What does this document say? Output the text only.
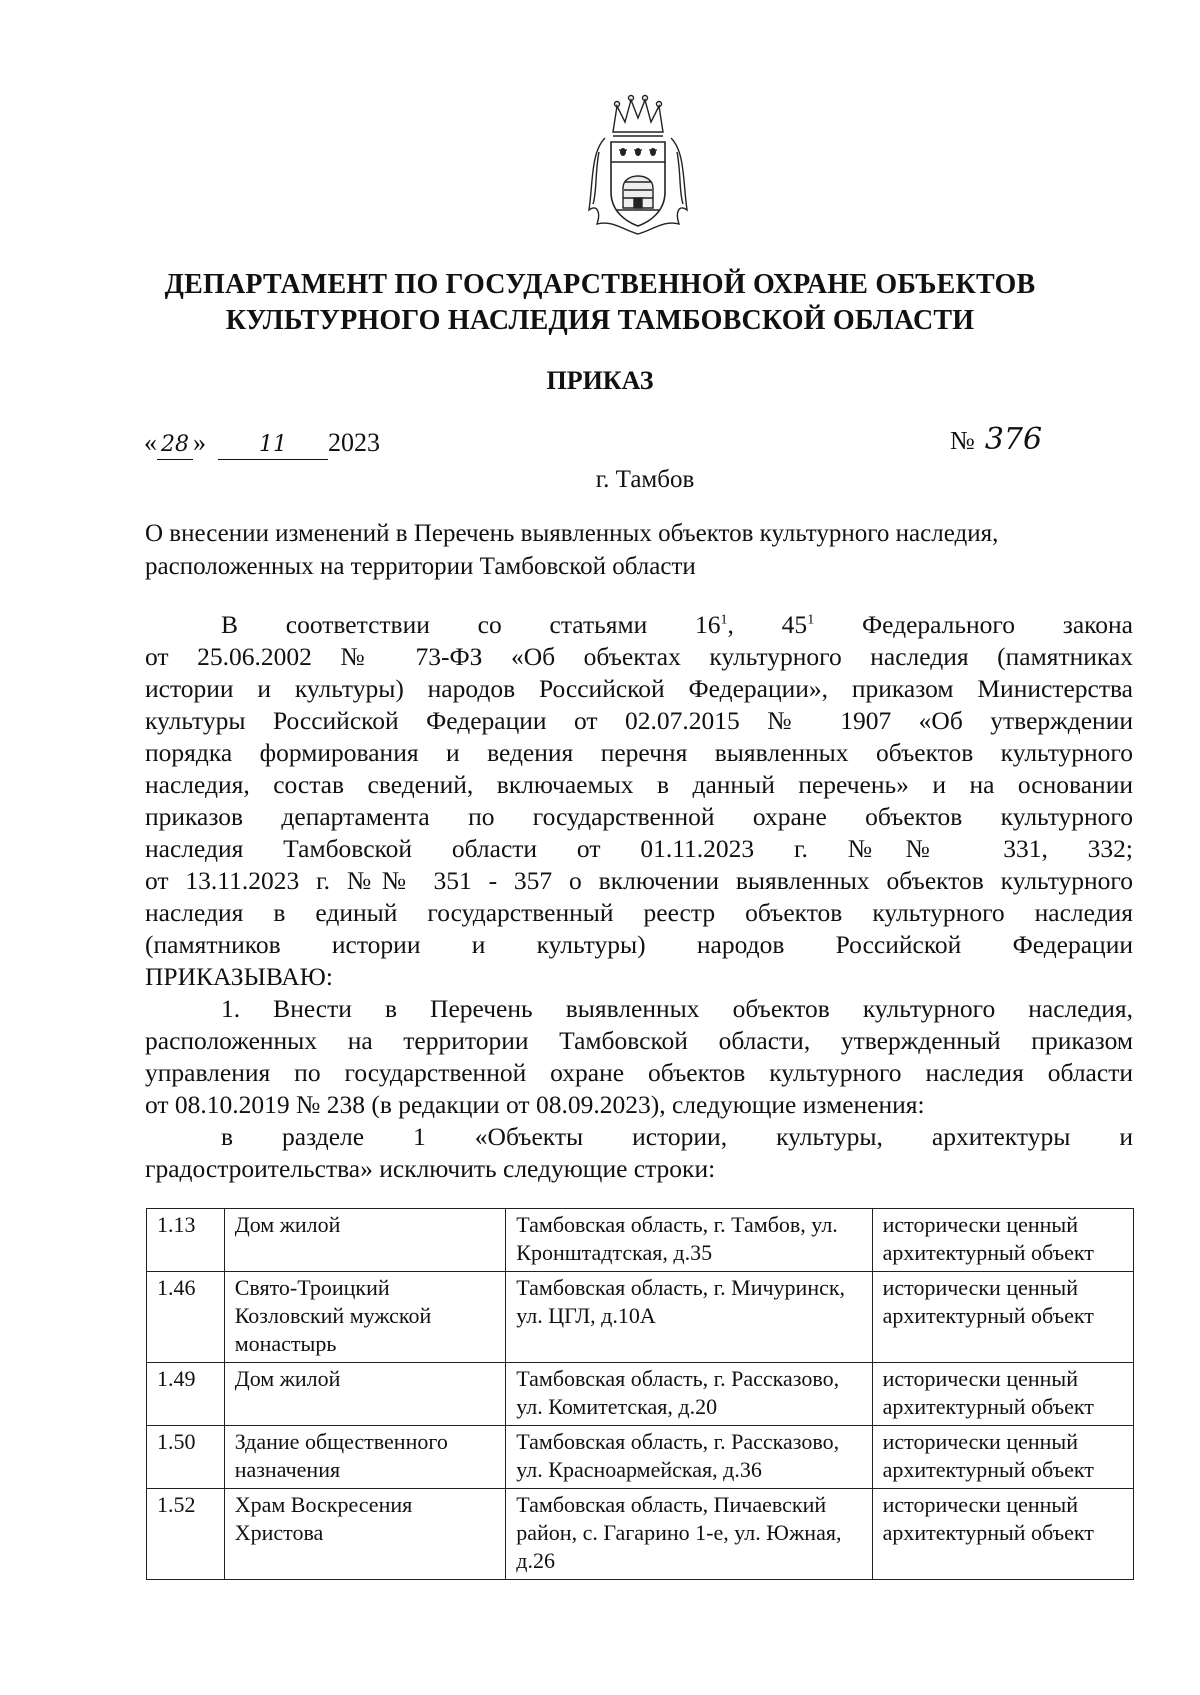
ДЕПАРТАМЕНТ ПО ГОСУДАРСТВЕННОЙ ОХРАНЕ ОБЪЕКТОВ
КУЛЬТУРНОГО НАСЛЕДИЯ ТАМБОВСКОЙ ОБЛАСТИ
ПРИКАЗ
« 28 » 11 2023	№ 376
г. Тамбов
О внесении изменений в Перечень выявленных объектов культурного наследия,
расположенных на территории Тамбовской области
В соответствии со статьями $16^1$, $45^1$ Федерального закона
от 25.06.2002 № 73-ФЗ «Об объектах культурного наследия (памятниках
истории и культуры) народов Российской Федерации», приказом Министерства
культуры Российской Федерации от 02.07.2015 № 1907 «Об утверждении
порядка формирования и ведения перечня выявленных объектов культурного
наследия, состав сведений, включаемых в данный перечень» и на основании
приказов департамента по государственной охране объектов культурного
наследия Тамбовской области от 01.11.2023 г. №№ 331, 332;
от 13.11.2023 г. №№ 351 - 357 о включении выявленных объектов культурного
наследия в единый государственный реестр объектов культурного наследия
(памятников истории и культуры) народов Российской Федерации
ПРИКАЗЫВАЮ:
1. Внести в Перечень выявленных объектов культурного наследия,
расположенных на территории Тамбовской области, утвержденный приказом
управления по государственной охране объектов культурного наследия области
от 08.10.2019 № 238 (в редакции от 08.09.2023), следующие изменения:
в разделе 1 «Объекты истории, культуры, архитектуры и
градостроительства» исключить следующие строки:
1.13	Дом жилой	Тамбовская область, г. Тамбов, ул. Кронштадтская, д.35	исторически ценный архитектурный объект
1.46	Свято-Троицкий Козловский мужской монастырь	Тамбовская область, г. Мичуринск, ул. ЦГЛ, д.10А	исторически ценный архитектурный объект
1.49	Дом жилой	Тамбовская область, г. Рассказово, ул. Комитетская, д.20	исторически ценный архитектурный объект
1.50	Здание общественного назначения	Тамбовская область, г. Рассказово, ул. Красноармейская, д.36	исторически ценный архитектурный объект
1.52	Храм Воскресения Христова	Тамбовская область, Пичаевский район, с. Гагарино 1-е, ул. Южная, д.26	исторически ценный архитектурный объект
